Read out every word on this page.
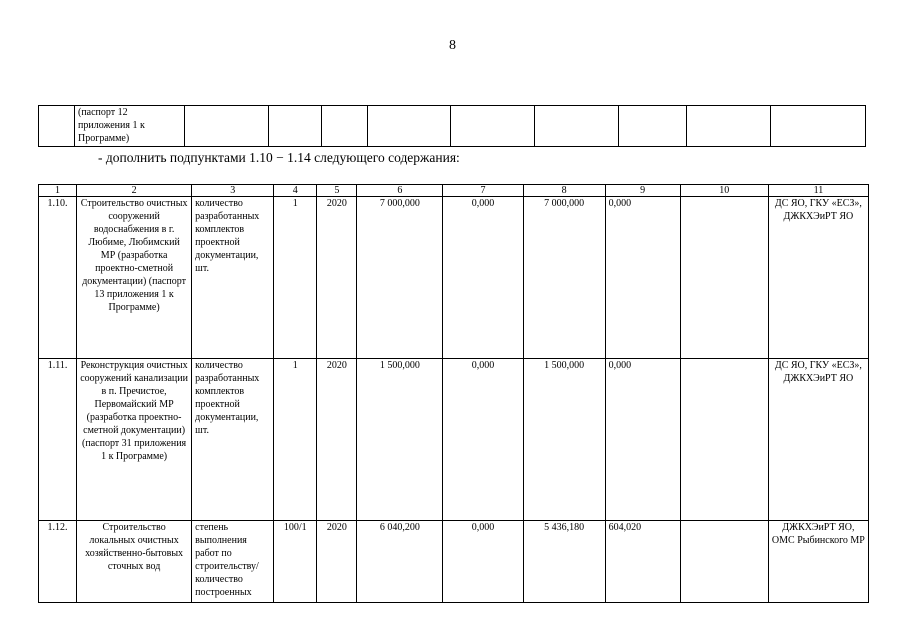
8
	(паспорт 12 приложения 1 к Программе)									
- дополнить подпунктами 1.10 − 1.14 следующего содержания:
1	2	3	4	5	6	7	8	9	10	11
1.10.	Строительство очистных сооружений водоснабжения в г. Любиме, Любимский МР (разработка проектно-сметной документации) (паспорт 13 приложения 1 к Программе)	количество разработанных комплектов проектной документации, шт.	1	2020	7 000,000	0,000	7 000,000	0,000		ДС ЯО, ГКУ «ЕСЗ», ДЖКХЭиРТ ЯО
1.11.	Реконструкция очистных сооружений канализации в п. Пречистое, Первомайский МР (разработка проектно-сметной документации) (паспорт 31 приложения 1 к Программе)	количество разработанных комплектов проектной документации, шт.	1	2020	1 500,000	0,000	1 500,000	0,000		ДС ЯО, ГКУ «ЕСЗ», ДЖКХЭиРТ ЯО
1.12.	Строительство локальных очистных хозяйственно-бытовых сточных вод	степень выполнения работ по строительству/ количество построенных	100/1	2020	6 040,200	0,000	5 436,180	604,020		ДЖКХЭиРТ ЯО, ОМС Рыбинского МР
